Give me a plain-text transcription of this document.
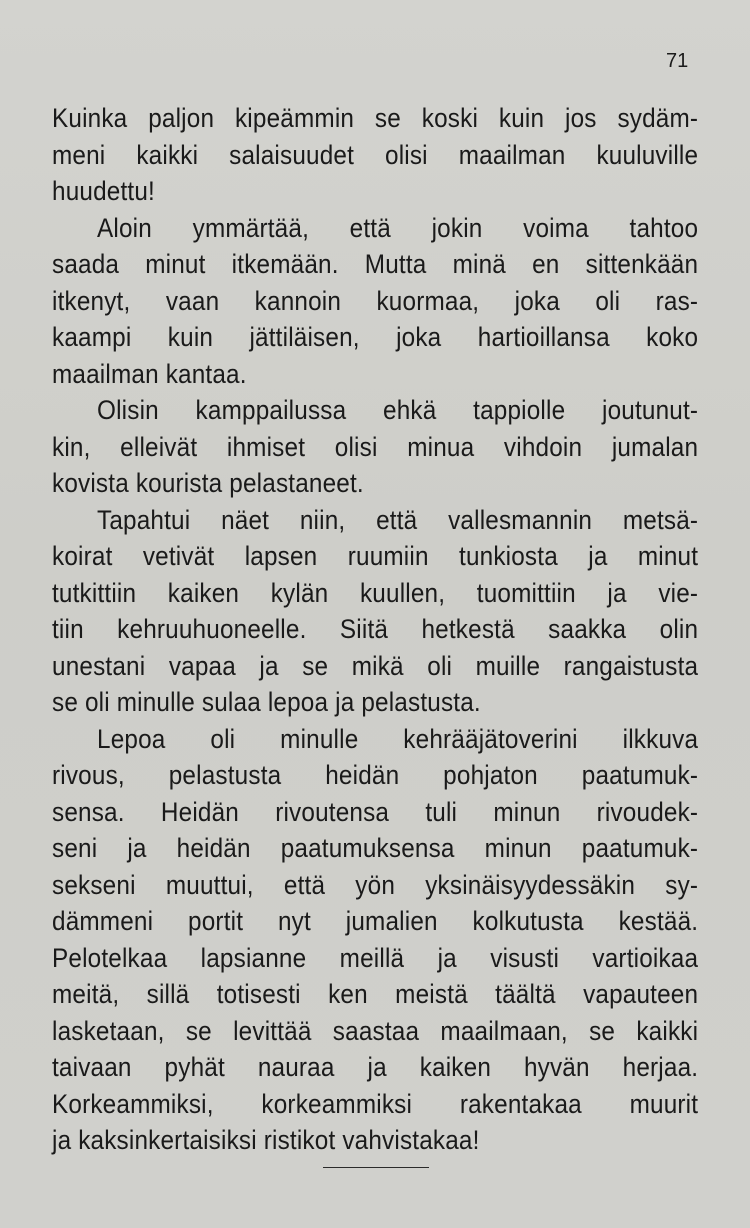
71
Kuinka paljon kipeämmin se koski kuin jos sydäm-
meni kaikki salaisuudet olisi maailman kuuluville
huudettu!
Aloin ymmärtää, että jokin voima tahtoo
saada minut itkemään. Mutta minä en sittenkään
itkenyt, vaan kannoin kuormaa, joka oli ras-
kaampi kuin jättiläisen, joka hartioillansa koko
maailman kantaa.
Olisin kamppailussa ehkä tappiolle joutunut-
kin, elleivät ihmiset olisi minua vihdoin jumalan
kovista kourista pelastaneet.
Tapahtui näet niin, että vallesmannin metsä-
koirat vetivät lapsen ruumiin tunkiosta ja minut
tutkittiin kaiken kylän kuullen, tuomittiin ja vie-
tiin kehruuhuoneelle. Siitä hetkestä saakka olin
unestani vapaa ja se mikä oli muille rangaistusta
se oli minulle sulaa lepoa ja pelastusta.
Lepoa oli minulle kehrääjätoverini ilkkuva
rivous, pelastusta heidän pohjaton paatumuk-
sensa. Heidän rivoutensa tuli minun rivoudek-
seni ja heidän paatumuksensa minun paatumuk-
sekseni muuttui, että yön yksinäisyydessäkin sy-
dämmeni portit nyt jumalien kolkutusta kestää.
Pelotelkaa lapsianne meillä ja visusti vartioikaa
meitä, sillä totisesti ken meistä täältä vapauteen
lasketaan, se levittää saastaa maailmaan, se kaikki
taivaan pyhät nauraa ja kaiken hyvän herjaa.
Korkeammiksi, korkeammiksi rakentakaa muurit
ja kaksinkertaisiksi ristikot vahvistakaa!
